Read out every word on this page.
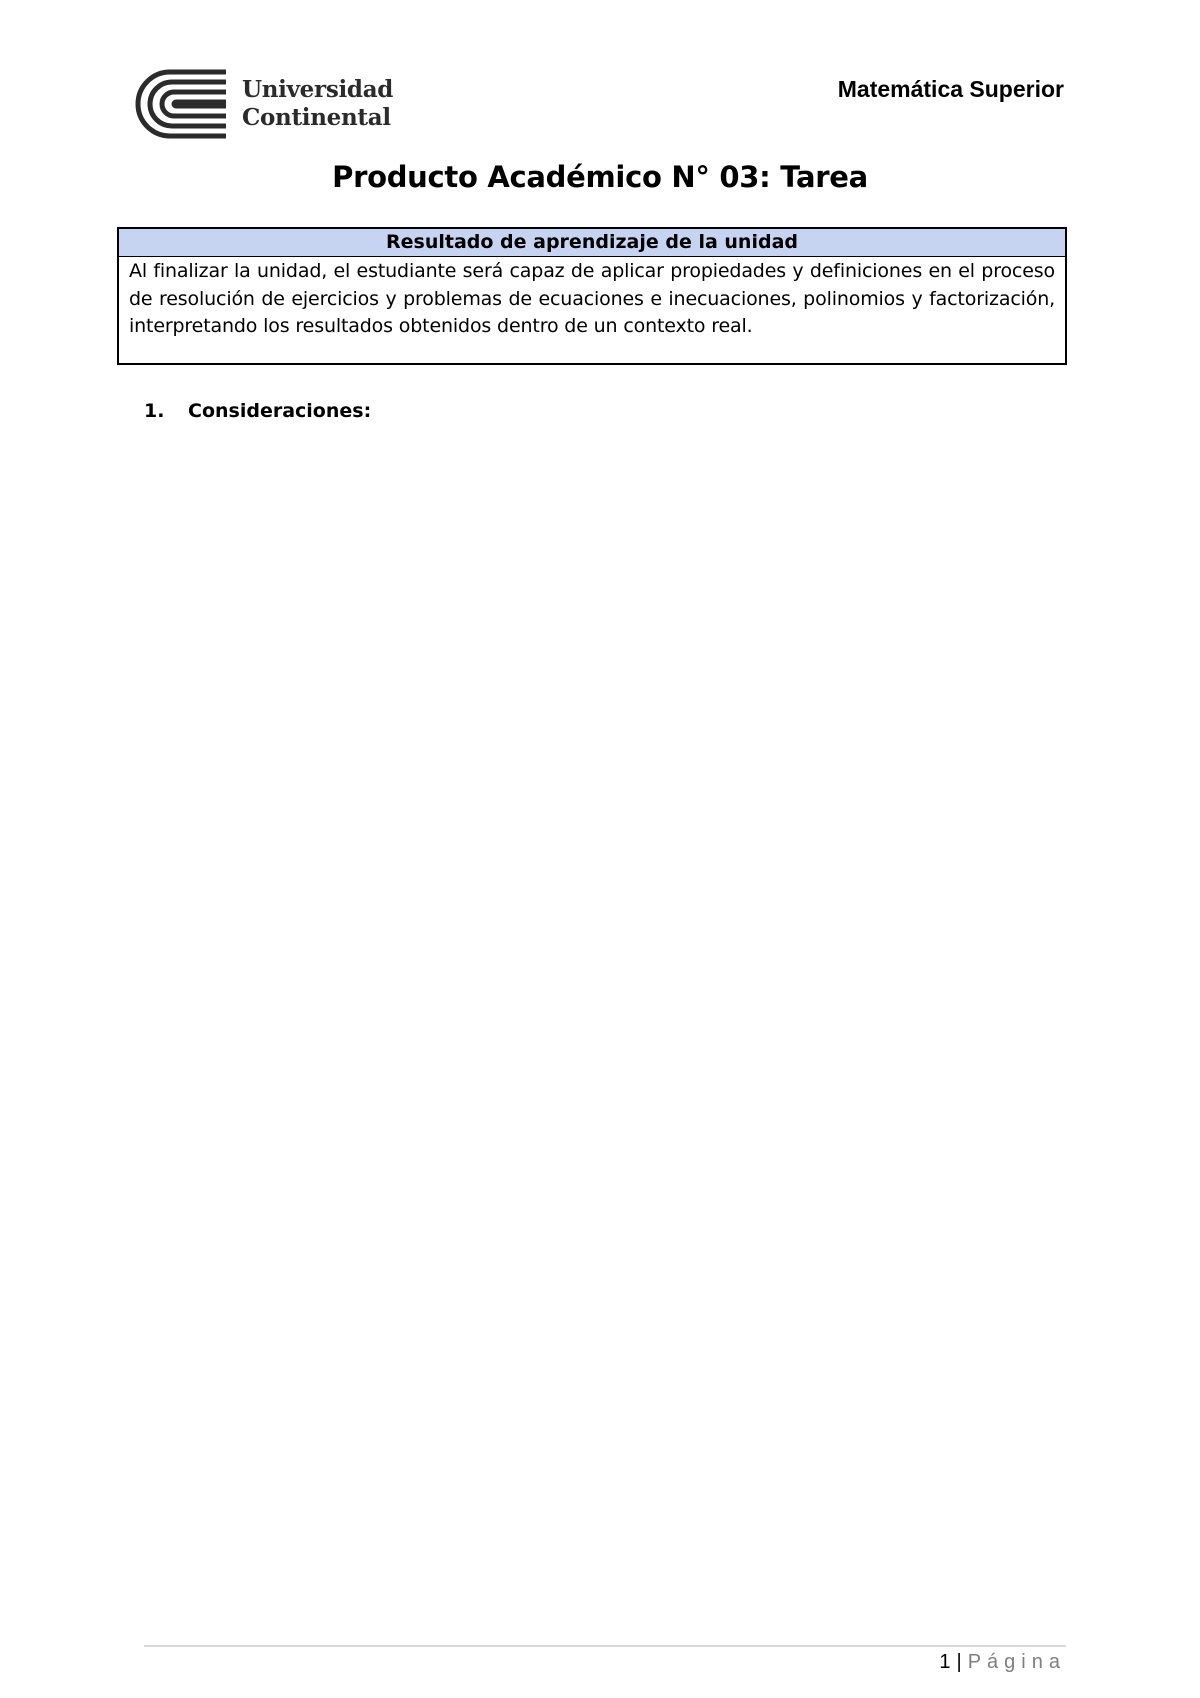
Universidad
Continental
Matemática Superior
Producto Académico N° 03: Tarea
Resultado de aprendizaje de la unidad
Al finalizar la unidad, el estudiante será capaz de aplicar propiedades y definiciones en el proceso de resolución de ejercicios y problemas de ecuaciones e inecuaciones, polinomios y factorización, interpretando los resultados obtenidos dentro de un contexto real.
1. Consideraciones:
1 | Página
